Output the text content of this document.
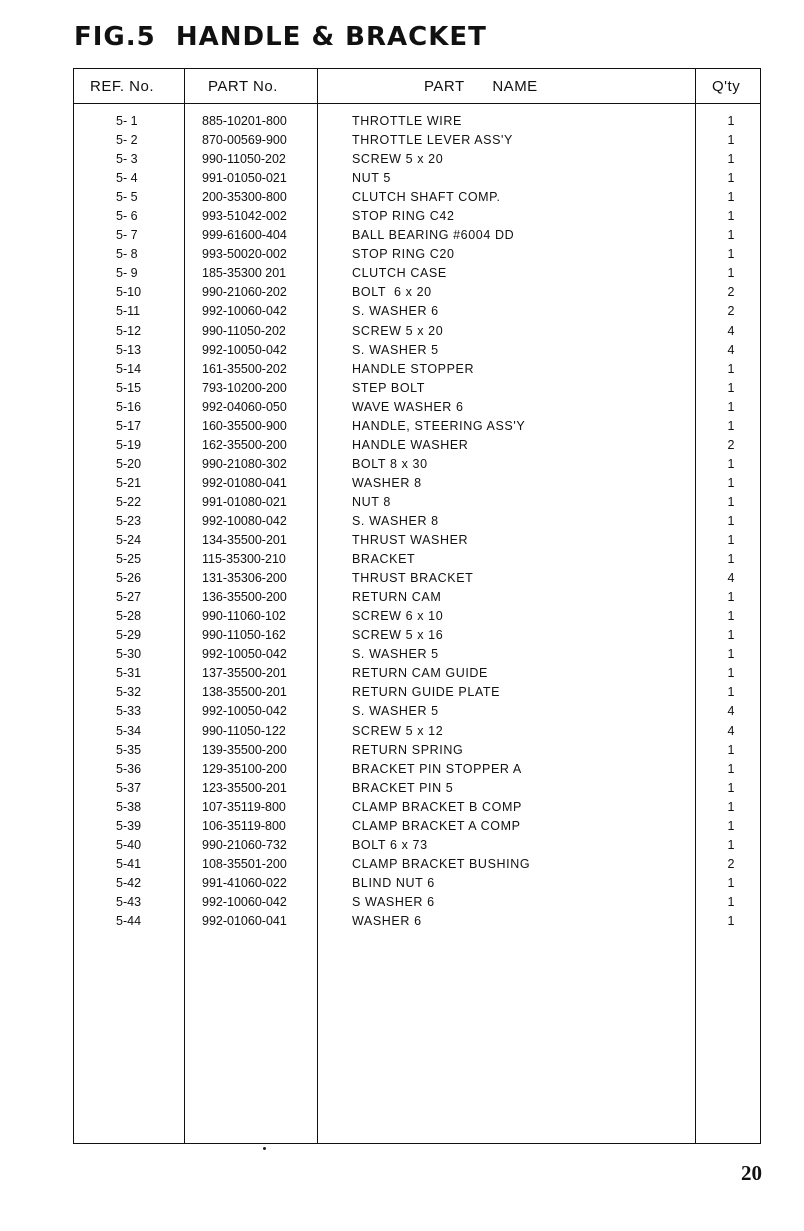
FIG.5  HANDLE & BRACKET
REF. No.	PART No.	PART      NAME	Q'ty
5- 1	885-10201-800	THROTTLE WIRE	1
5- 2	870-00569-900	THROTTLE LEVER ASS'Y	1
5- 3	990-11050-202	SCREW 5 x 20	1
5- 4	991-01050-021	NUT 5	1
5- 5	200-35300-800	CLUTCH SHAFT COMP.	1
5- 6	993-51042-002	STOP RING C42	1
5- 7	999-61600-404	BALL BEARING #6004 DD	1
5- 8	993-50020-002	STOP RING C20	1
5- 9	185-35300 201	CLUTCH CASE	1
5-10	990-21060-202	BOLT  6 x 20	2
5-11	992-10060-042	S. WASHER 6	2
5-12	990-11050-202	SCREW 5 x 20	4
5-13	992-10050-042	S. WASHER 5	4
5-14	161-35500-202	HANDLE STOPPER	1
5-15	793-10200-200	STEP BOLT	1
5-16	992-04060-050	WAVE WASHER 6	1
5-17	160-35500-900	HANDLE, STEERING ASS'Y	1
5-19	162-35500-200	HANDLE WASHER	2
5-20	990-21080-302	BOLT 8 x 30	1
5-21	992-01080-041	WASHER 8	1
5-22	991-01080-021	NUT 8	1
5-23	992-10080-042	S. WASHER 8	1
5-24	134-35500-201	THRUST WASHER	1
5-25	115-35300-210	BRACKET	1
5-26	131-35306-200	THRUST BRACKET	4
5-27	136-35500-200	RETURN CAM	1
5-28	990-11060-102	SCREW 6 x 10	1
5-29	990-11050-162	SCREW 5 x 16	1
5-30	992-10050-042	S. WASHER 5	1
5-31	137-35500-201	RETURN CAM GUIDE	1
5-32	138-35500-201	RETURN GUIDE PLATE	1
5-33	992-10050-042	S. WASHER 5	4
5-34	990-11050-122	SCREW 5 x 12	4
5-35	139-35500-200	RETURN SPRING	1
5-36	129-35100-200	BRACKET PIN STOPPER A	1
5-37	123-35500-201	BRACKET PIN 5	1
5-38	107-35119-800	CLAMP BRACKET B COMP	1
5-39	106-35119-800	CLAMP BRACKET A COMP	1
5-40	990-21060-732	BOLT 6 x 73	1
5-41	108-35501-200	CLAMP BRACKET BUSHING	2
5-42	991-41060-022	BLIND NUT 6	1
5-43	992-10060-042	S WASHER 6	1
5-44	992-01060-041	WASHER 6	1
20
